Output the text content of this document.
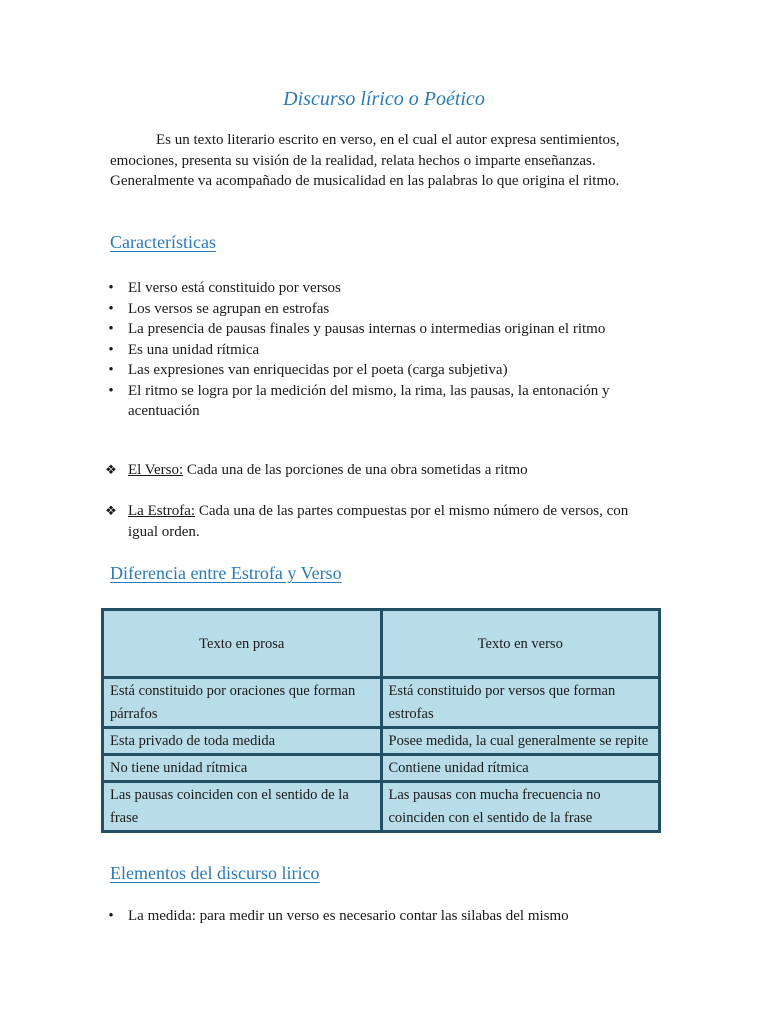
Discurso lírico o Poético

Es un texto literario escrito en verso, en el cual el autor expresa sentimientos, emociones, presenta su visión de la realidad, relata hechos o imparte enseñanzas. Generalmente va acompañado de musicalidad en las palabras lo que origina el ritmo.

Características
• El verso está constituido por versos
• Los versos se agrupan en estrofas
• La presencia de pausas finales y pausas internas o intermedias originan el ritmo
• Es una unidad rítmica
• Las expresiones van enriquecidas por el poeta (carga subjetiva)
• El ritmo se logra por la medición del mismo, la rima, las pausas, la entonación y acentuación

❖ El Verso: Cada una de las porciones de una obra sometidas a ritmo

❖ La Estrofa: Cada una de las partes compuestas por el mismo número de versos, con igual orden.

Diferencia entre Estrofa y Verso
Texto en prosa	Texto en verso
Está constituido por oraciones que forman párrafos	Está constituido por versos que forman estrofas
Esta privado de toda medida	Posee medida, la cual generalmente se repite
No tiene unidad rítmica	Contiene unidad rítmica
Las pausas coinciden con el sentido de la frase	Las pausas con mucha frecuencia no coinciden con el sentido de la frase
Elementos del discurso lirico
• La medida: para medir un verso es necesario contar las silabas del mismo
